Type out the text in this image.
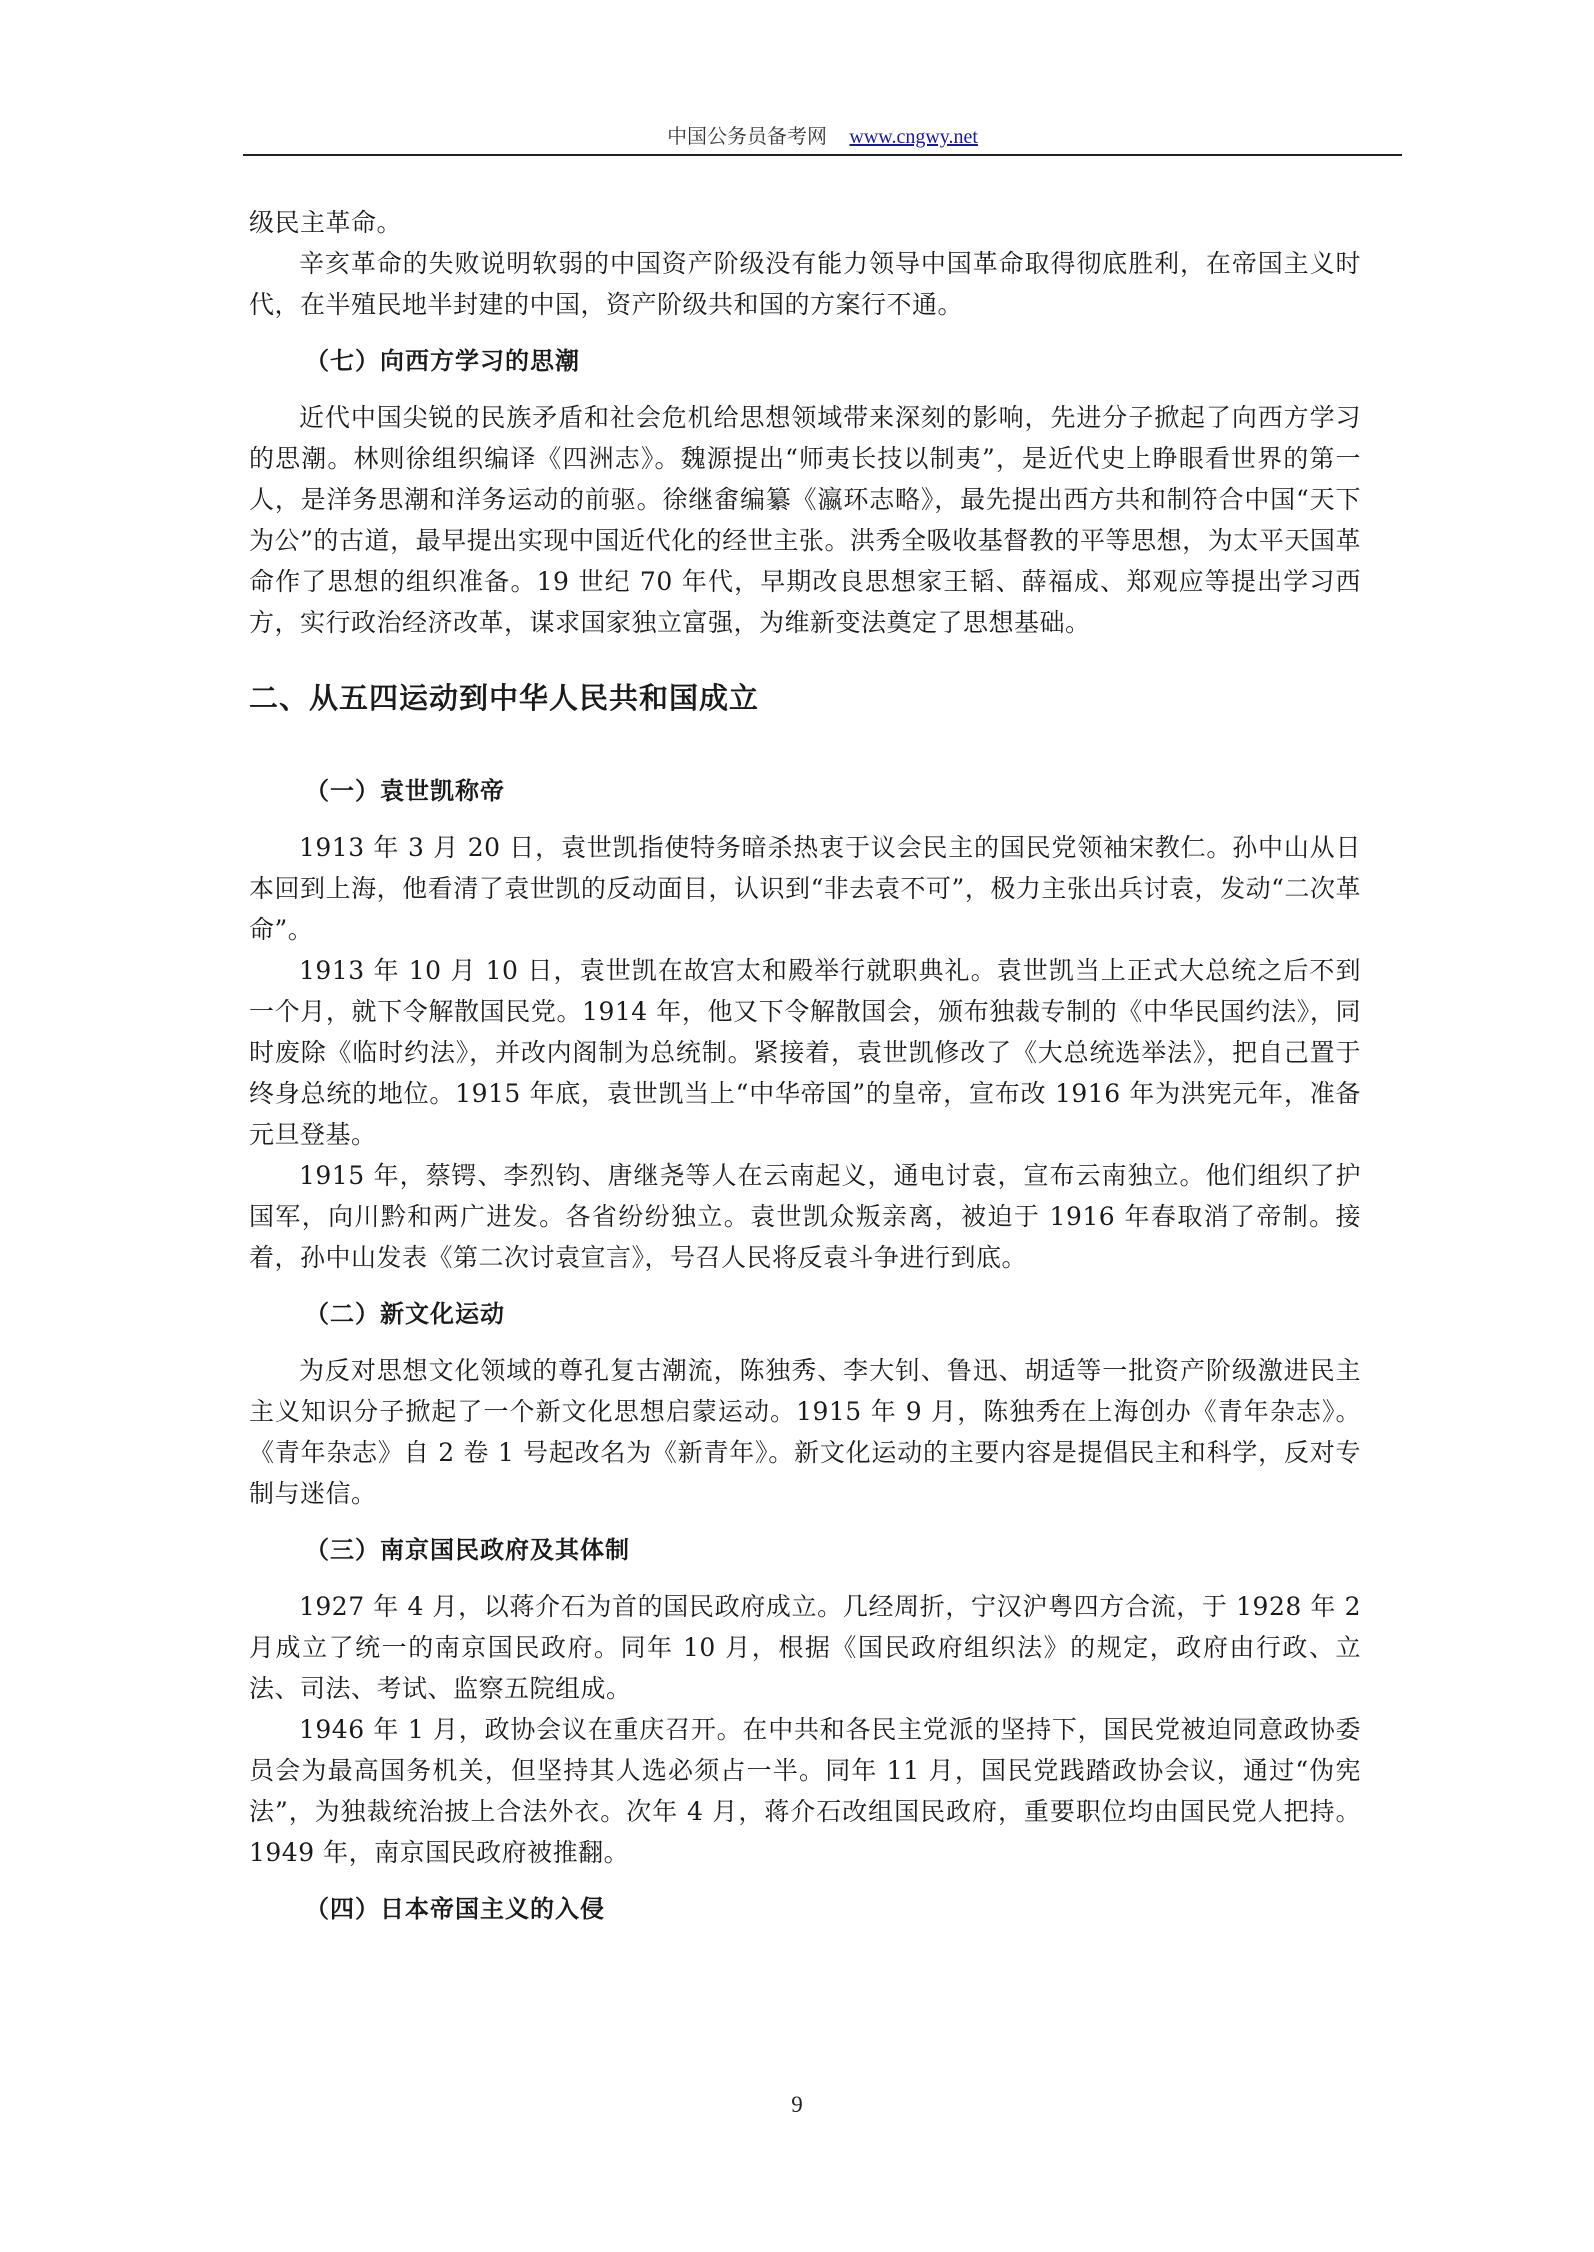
中国公务员备考网 www.cngwy.net

级民主革命。

辛亥革命的失败说明软弱的中国资产阶级没有能力领导中国革命取得彻底胜利，在帝国主义时代，在半殖民地半封建的中国，资产阶级共和国的方案行不通。

（七）向西方学习的思潮

近代中国尖锐的民族矛盾和社会危机给思想领域带来深刻的影响，先进分子掀起了向西方学习的思潮。林则徐组织编译《四洲志》。魏源提出“师夷长技以制夷”，是近代史上睁眼看世界的第一人，是洋务思潮和洋务运动的前驱。徐继畬编纂《瀛环志略》，最先提出西方共和制符合中国“天下为公”的古道，最早提出实现中国近代化的经世主张。洪秀全吸收基督教的平等思想，为太平天国革命作了思想的组织准备。19 世纪 70 年代，早期改良思想家王韬、薛福成、郑观应等提出学习西方，实行政治经济改革，谋求国家独立富强，为维新变法奠定了思想基础。

二、从五四运动到中华人民共和国成立
（一）袁世凯称帝

1913 年 3 月 20 日，袁世凯指使特务暗杀热衷于议会民主的国民党领袖宋教仁。孙中山从日本回到上海，他看清了袁世凯的反动面目，认识到“非去袁不可”，极力主张出兵讨袁，发动“二次革命”。

1913 年 10 月 10 日，袁世凯在故宫太和殿举行就职典礼。袁世凯当上正式大总统之后不到一个月，就下令解散国民党。1914 年，他又下令解散国会，颁布独裁专制的《中华民国约法》，同时废除《临时约法》，并改内阁制为总统制。紧接着，袁世凯修改了《大总统选举法》，把自己置于终身总统的地位。1915 年底，袁世凯当上“中华帝国”的皇帝，宣布改 1916 年为洪宪元年，准备元旦登基。

1915 年，蔡锷、李烈钧、唐继尧等人在云南起义，通电讨袁，宣布云南独立。他们组织了护国军，向川黔和两广进发。各省纷纷独立。袁世凯众叛亲离，被迫于 1916 年春取消了帝制。接着，孙中山发表《第二次讨袁宣言》，号召人民将反袁斗争进行到底。

（二）新文化运动

为反对思想文化领域的尊孔复古潮流，陈独秀、李大钊、鲁迅、胡适等一批资产阶级激进民主主义知识分子掀起了一个新文化思想启蒙运动。1915 年 9 月，陈独秀在上海创办《青年杂志》。《青年杂志》自 2 卷 1 号起改名为《新青年》。新文化运动的主要内容是提倡民主和科学，反对专制与迷信。

（三）南京国民政府及其体制

1927 年 4 月，以蒋介石为首的国民政府成立。几经周折，宁汉沪粤四方合流，于 1928 年 2 月成立了统一的南京国民政府。同年 10 月，根据《国民政府组织法》的规定，政府由行政、立法、司法、考试、监察五院组成。

1946 年 1 月，政协会议在重庆召开。在中共和各民主党派的坚持下，国民党被迫同意政协委员会为最高国务机关，但坚持其人选必须占一半。同年 11 月，国民党践踏政协会议，通过“伪宪法”，为独裁统治披上合法外衣。次年 4 月，蒋介石改组国民政府，重要职位均由国民党人把持。1949 年，南京国民政府被推翻。

（四）日本帝国主义的入侵
9
